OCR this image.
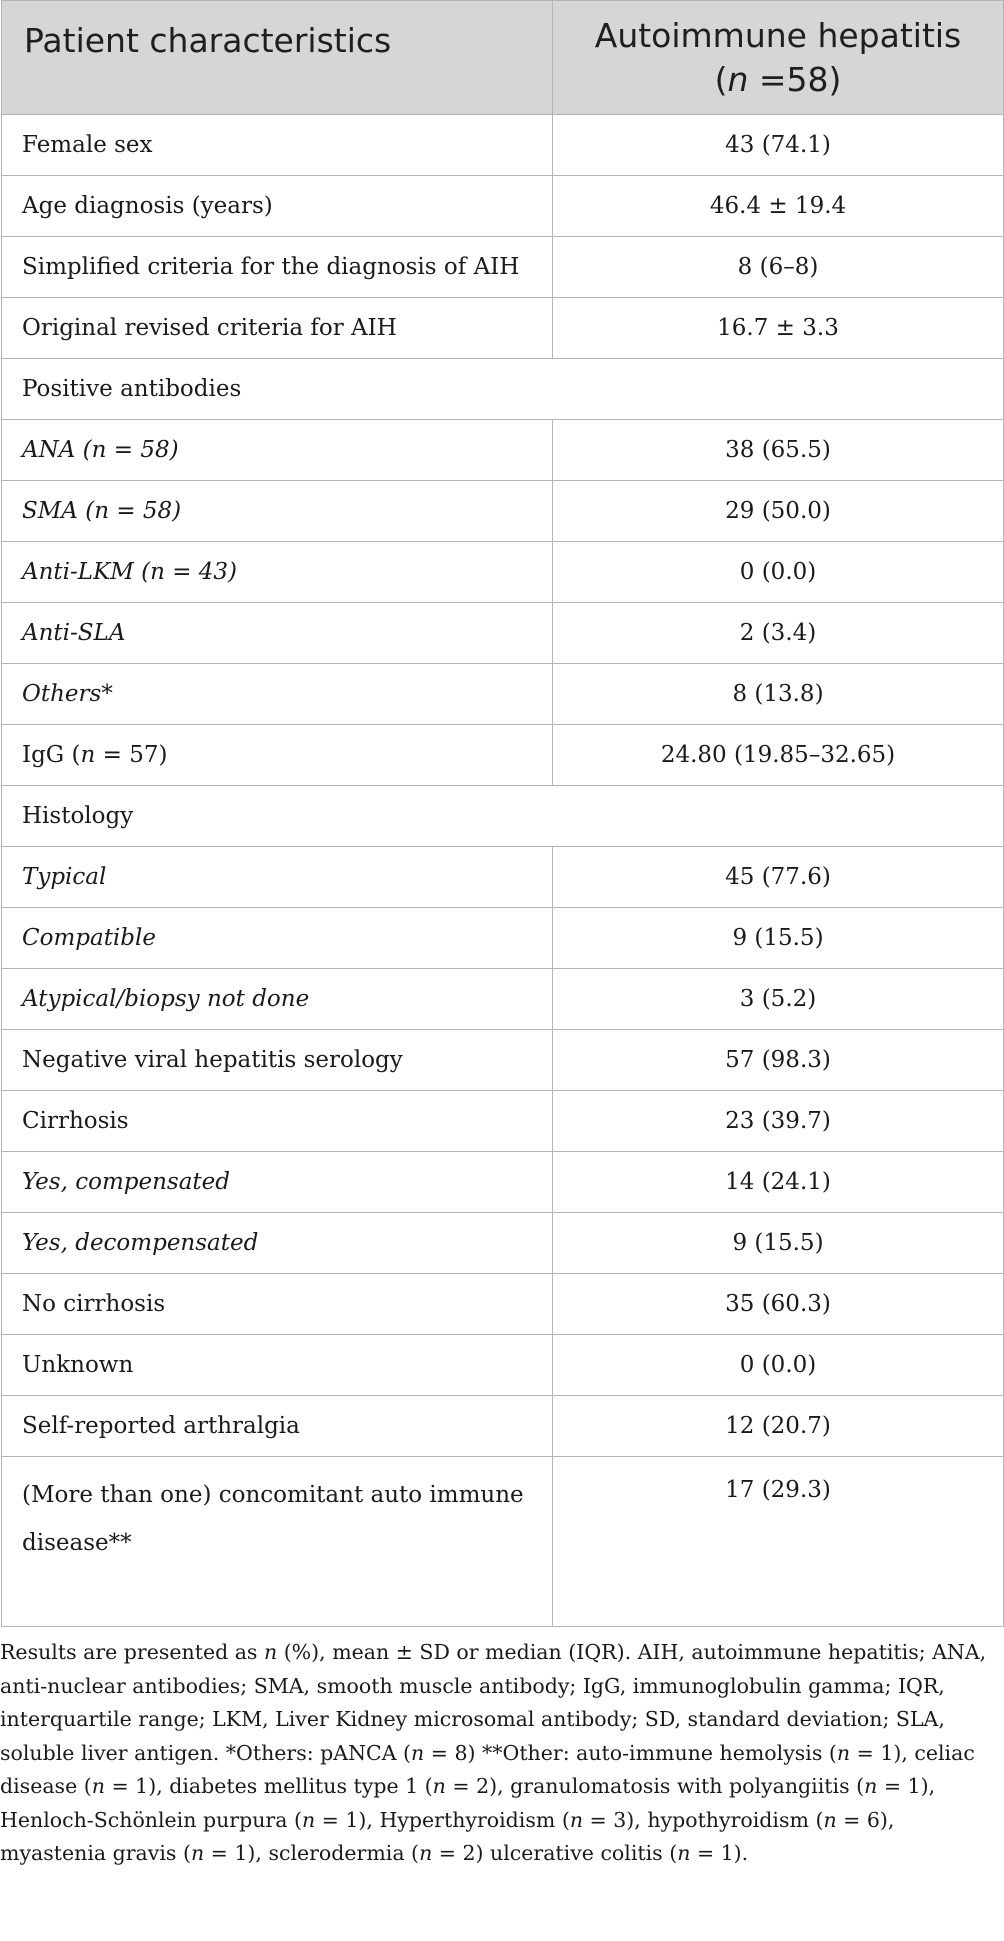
Patient characteristics	Autoimmune hepatitis
(n =58)
Female sex	43 (74.1)
Age diagnosis (years)	46.4 ± 19.4
Simplified criteria for the diagnosis of AIH	8 (6–8)
Original revised criteria for AIH	16.7 ± 3.3
Positive antibodies	
ANA (n = 58)	38 (65.5)
SMA (n = 58)	29 (50.0)
Anti-LKM (n = 43)	0 (0.0)
Anti-SLA	2 (3.4)
Others*	8 (13.8)
IgG (n = 57)	24.80 (19.85–32.65)
Histology	
Typical	45 (77.6)
Compatible	9 (15.5)
Atypical/biopsy not done	3 (5.2)
Negative viral hepatitis serology	57 (98.3)
Cirrhosis	23 (39.7)
Yes, compensated	14 (24.1)
Yes, decompensated	9 (15.5)
No cirrhosis	35 (60.3)
Unknown	0 (0.0)
Self-reported arthralgia	12 (20.7)
(More than one) concomitant auto immune disease**	17 (29.3)

Results are presented as n (%), mean ± SD or median (IQR). AIH, autoimmune hepatitis; ANA, anti-nuclear antibodies; SMA, smooth muscle antibody; IgG, immunoglobulin gamma; IQR, interquartile range; LKM, Liver Kidney microsomal antibody; SD, standard deviation; SLA, soluble liver antigen. *Others: pANCA (n = 8) **Other: auto-immune hemolysis (n = 1), celiac disease (n = 1), diabetes mellitus type 1 (n = 2), granulomatosis with polyangiitis (n = 1), Henloch-Schönlein purpura (n = 1), Hyperthyroidism (n = 3), hypothyroidism (n = 6), myastenia gravis (n = 1), sclerodermia (n = 2) ulcerative colitis (n = 1).
